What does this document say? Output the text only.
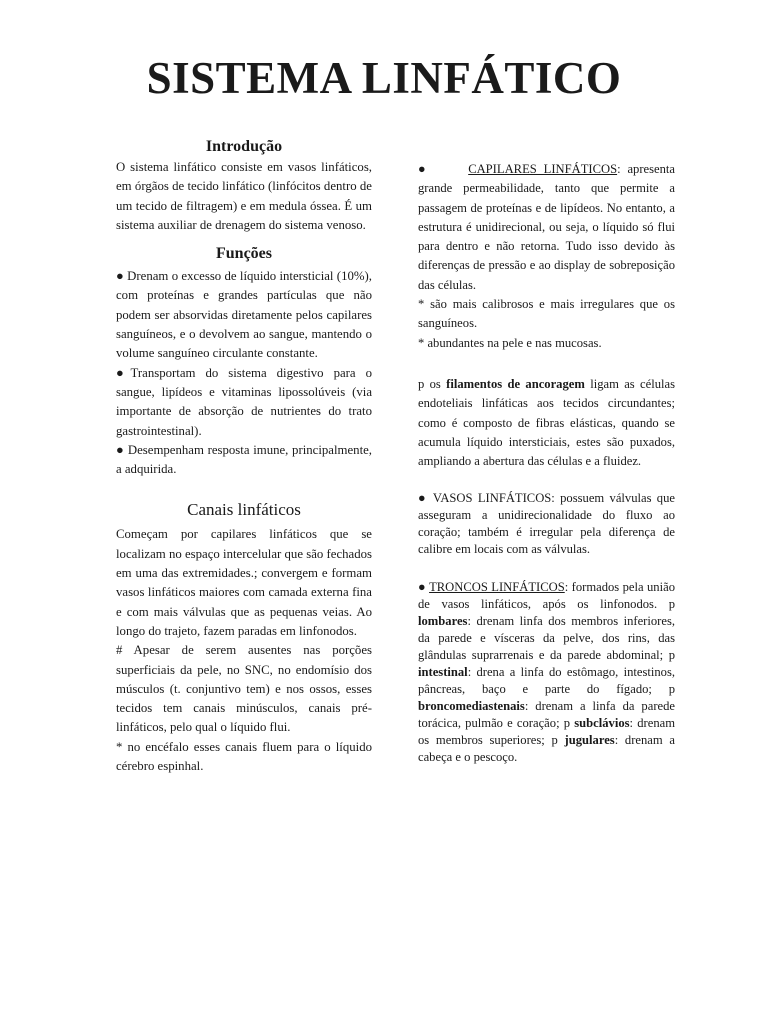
SISTEMA LINFÁTICO
Introdução

O sistema linfático consiste em vasos linfáticos, em órgãos de tecido linfático (linfócitos dentro de um tecido de filtragem) e em medula óssea. É um sistema auxiliar de drenagem do sistema venoso.

Funções

● Drenam o excesso de líquido intersticial (10%), com proteínas e grandes partículas que não podem ser absorvidas diretamente pelos capilares sanguíneos, e o devolvem ao sangue, mantendo o volume sanguíneo circulante constante.

●Transportam do sistema digestivo para o sangue, lipídeos e vitaminas lipossolúveis (via importante de absorção de nutrientes do trato gastrointestinal).

● Desempenham resposta imune, principalmente, a adquirida.

Canais linfáticos

Começam por capilares linfáticos que se localizam no espaço intercelular que são fechados em uma das extremidades.; convergem e formam vasos linfáticos maiores com camada externa fina e com mais válvulas que as pequenas veias. Ao longo do trajeto, fazem paradas em linfonodos.

# Apesar de serem ausentes nas porções superficiais da pele, no SNC, no endomísio dos músculos (t. conjuntivo tem) e nos ossos, esses tecidos tem canais minúsculos, canais pré-linfáticos, pelo qual o líquido flui.

* no encéfalo esses canais fluem para o líquido cérebro espinhal.

●	CAPILARES LINFÁTICOS: apresenta grande permeabilidade, tanto que permite a passagem de proteínas e de lipídeos. No entanto, a estrutura é unidirecional, ou seja, o líquido só flui para dentro e não retorna. Tudo isso devido às diferenças de pressão e ao display de sobreposição das células.

* são mais calibrosos e mais irregulares que os sanguíneos.

* abundantes na pele e nas mucosas.

p os filamentos de ancoragem ligam as células endoteliais linfáticas aos tecidos circundantes; como é composto de fibras elásticas, quando se acumula líquido intersticiais, estes são puxados, ampliando a abertura das células e a fluidez.

● VASOS LINFÁTICOS: possuem válvulas que asseguram a unidirecionalidade do fluxo ao coração; também é irregular pela diferença de calibre em locais com as válvulas.

● TRONCOS LINFÁTICOS: formados pela união de vasos linfáticos, após os linfonodos. p lombares: drenam linfa dos membros inferiores, da parede e vísceras da pelve, dos rins, das glândulas suprarrenais e da parede abdominal; p intestinal: drena a linfa do estômago, intestinos, pâncreas, baço e parte do fígado; p broncomediastenais: drenam a linfa da parede torácica, pulmão e coração; p subclávios: drenam os membros superiores; p jugulares: drenam a cabeça e o pescoço.
